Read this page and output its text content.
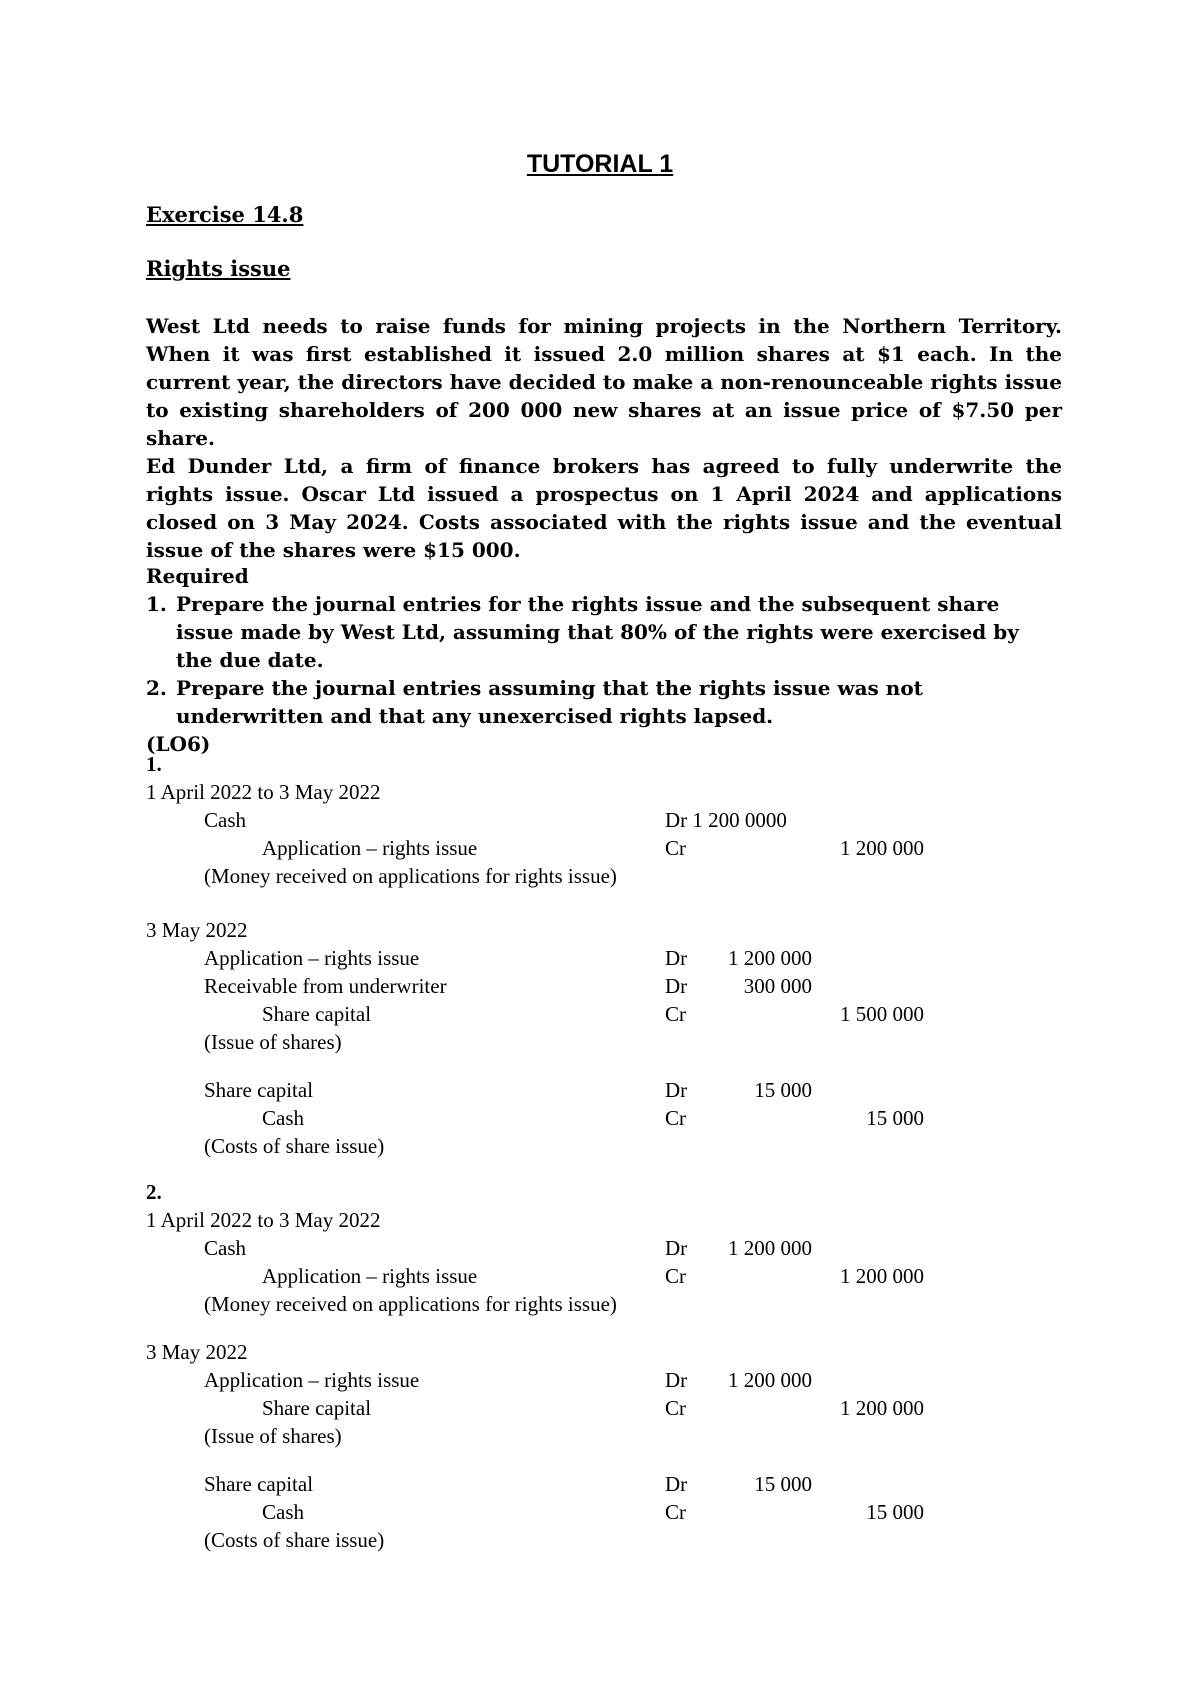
TUTORIAL 1
Exercise 14.8
Rights issue

West Ltd needs to raise funds for mining projects in the Northern Territory. When it was first established it issued 2.0 million shares at $1 each. In the current year, the directors have decided to make a non-renounceable rights issue to existing shareholders of 200 000 new shares at an issue price of $7.50 per share.

Ed Dunder Ltd, a firm of finance brokers has agreed to fully underwrite the rights issue. Oscar Ltd issued a prospectus on 1 April 2024 and applications closed on 3 May 2024. Costs associated with the rights issue and the eventual issue of the shares were $15 000.

Required
1. Prepare the journal entries for the rights issue and the subsequent share issue made by West Ltd, assuming that 80% of the rights were exercised by the due date.
2. Prepare the journal entries assuming that the rights issue was not underwritten and that any unexercised rights lapsed.
(LO6)
1.
1 April 2022 to 3 May 2022
Cash	Dr 1 200 0000
Application – rights issue	Cr	1 200 000
(Money received on applications for rights issue)
3 May 2022
Application – rights issue	Dr 1 200 000
Receivable from underwriter	Dr	300 000
Share capital	Cr	1 500 000
(Issue of shares)
Share capital	Dr	15 000
Cash	Cr	15 000
(Costs of share issue)
2.
1 April 2022 to 3 May 2022
Cash	Dr 1 200 000
Application – rights issue	Cr	1 200 000
(Money received on applications for rights issue)
3 May 2022
Application – rights issue	Dr 1 200 000
Share capital	Cr	1 200 000
(Issue of shares)
Share capital	Dr	15 000
Cash	Cr	15 000
(Costs of share issue)
